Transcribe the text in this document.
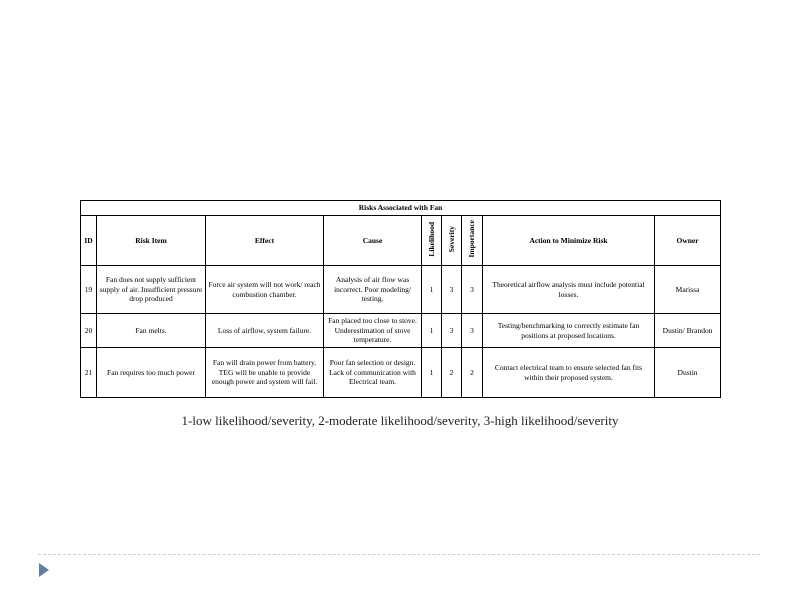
Risks Associated with Fan								
ID	Risk Item	Effect	Cause	Likelihood	Severity	Importance	Action to Minimize Risk	Owner
19	Fan does not supply sufficient supply of air. Insufficient pressure drop produced	Force air system will not work/ reach combustion chamber.	Analysis of air flow was incorrect. Poor modeling/ testing.	1	3	3	Theoretical airflow analysis must include potential losses.	Marissa
20	Fan melts.	Loss of airflow, system failure.	Fan placed too close to stove. Underestimation of stove temperature.	1	3	3	Testing/benchmarking to correctly estimate fan positions at proposed locations.	Dustin/ Brandon
21	Fan requires too much power	Fan will drain power from battery. TEG will be unable to provide enough power and system will fail.	Poor fan selection or design. Lack of communication with Electrical team.	1	2	2	Contact electrical team to ensure selected fan fits within their proposed system.	Dustin
1-low likelihood/severity, 2-moderate likelihood/severity, 3-high likelihood/severity
